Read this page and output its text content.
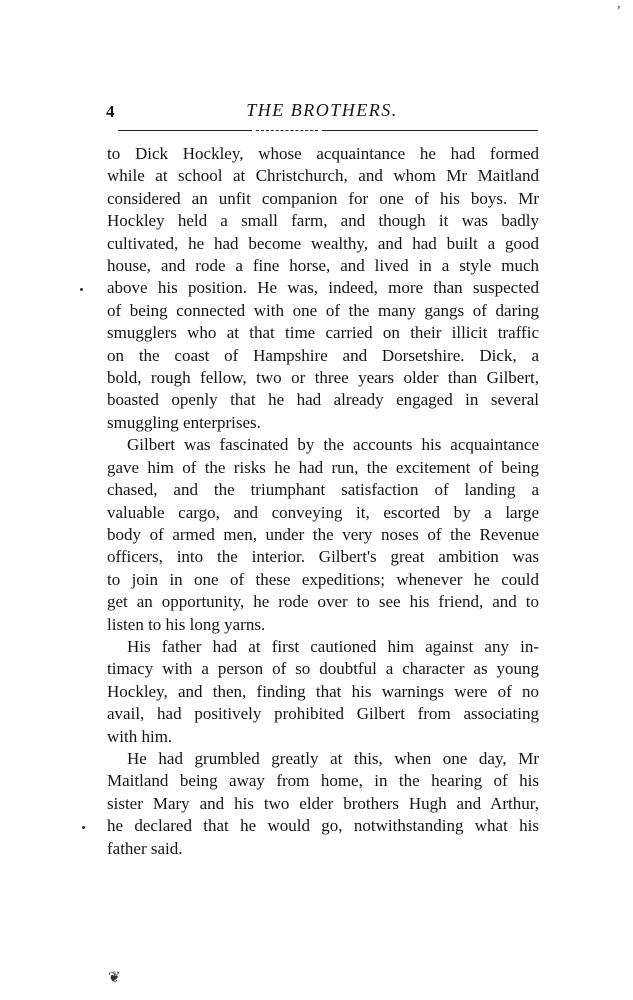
’
4	THE BROTHERS.

to Dick Hockley, whose acquaintance he had formed
while at school at Christchurch, and whom Mr Maitland
considered an unfit companion for one of his boys. Mr
Hockley held a small farm, and though it was badly
cultivated, he had become wealthy, and had built a good
house, and rode a fine horse, and lived in a style much
above his position. He was, indeed, more than suspected
of being connected with one of the many gangs of daring
smugglers who at that time carried on their illicit traffic
on the coast of Hampshire and Dorsetshire. Dick, a
bold, rough fellow, two or three years older than Gilbert,
boasted openly that he had already engaged in several
smuggling enterprises.

Gilbert was fascinated by the accounts his acquaintance
gave him of the risks he had run, the excitement of being
chased, and the triumphant satisfaction of landing a
valuable cargo, and conveying it, escorted by a large
body of armed men, under the very noses of the Revenue
officers, into the interior. Gilbert's great ambition was
to join in one of these expeditions; whenever he could
get an opportunity, he rode over to see his friend, and to
listen to his long yarns.

His father had at first cautioned him against any in-
timacy with a person of so doubtful a character as young
Hockley, and then, finding that his warnings were of no
avail, had positively prohibited Gilbert from associating
with him.

He had grumbled greatly at this, when one day, Mr
Maitland being away from home, in the hearing of his
sister Mary and his two elder brothers Hugh and Arthur,
he declared that he would go, notwithstanding what his
father said.

❦
